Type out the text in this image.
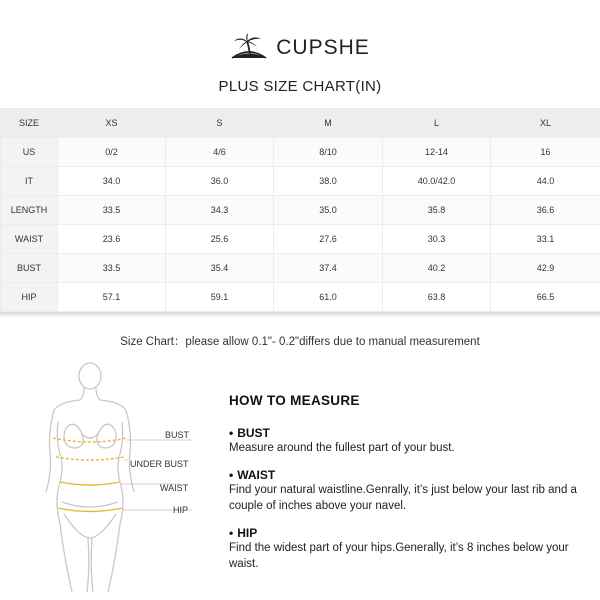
CUPSHE
PLUS SIZE CHART(IN)
SIZE	XS	S	M	L	XL
US	0/2	4/6	8/10	12-14	16
IT	34.0	36.0	38.0	40.0/42.0	44.0
LENGTH	33.5	34.3	35.0	35.8	36.6
WAIST	23.6	25.6	27.6	30.3	33.1
BUST	33.5	35.4	37.4	40.2	42.9
HIP	57.1	59.1	61.0	63.8	66.5
Size Chart：please allow 0.1"- 0.2"differs due to manual measurement
BUST
UNDER BUST
WAIST
HIP
HOW TO MEASURE
• BUST
Measure around the fullest part of your bust.
• WAIST
Find your natural waistline.Genrally, it’s just below your last rib and a couple of inches above your navel.
• HIP
Find the widest part of your hips.Generally, it’s 8 inches below your waist.
